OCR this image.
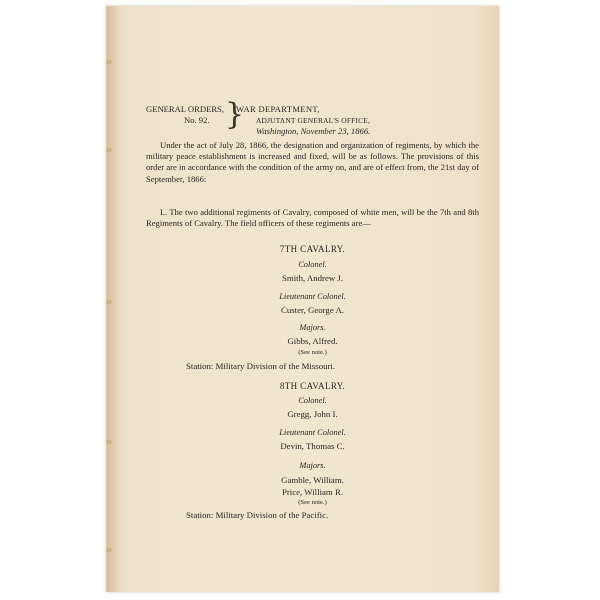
GENERAL ORDERS,
No. 92. }
WAR DEPARTMENT,
ADJUTANT GENERAL'S OFFICE,
Washington, November 23, 1866.

Under the act of July 28, 1866, the designation and organization of regiments, by which the military peace establishment is increased and fixed, will be as follows. The provisions of this order are in accordance with the condition of the army on, and are of effect from, the 21st day of September, 1866:

I.. The two additional regiments of Cavalry, composed of white men, will be the 7th and 8th Regiments of Cavalry. The field officers of these regiments are—

7TH CAVALRY.
Colonel.
Smith, Andrew J.
Lieutenant Colonel.
Custer, George A.
Majors.
Gibbs, Alfred.
(See note.)
Station: Military Division of the Missouri.
8TH CAVALRY.
Colonel.
Gregg, John I.
Lieutenant Colonel.
Devin, Thomas C.
Majors.
Gamble, William.
Price, William R.
(See note.)
Station: Military Division of the Pacific.
